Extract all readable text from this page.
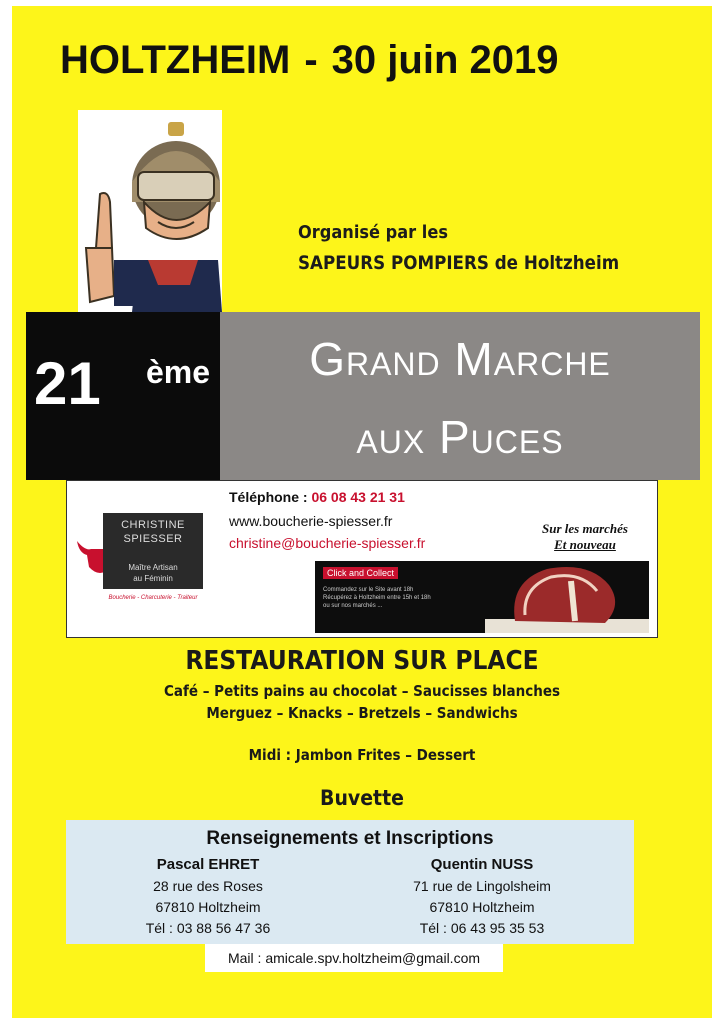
HOLTZHEIM - 30 juin 2019
Organisé par les
SAPEURS POMPIERS de Holtzheim
21 ème	Grand Marche
aux Puces
CHRISTINE
SPIESSER
Maître Artisan
au Féminin
Boucherie - Charcuterie - Traiteur
Téléphone : 06 08 43 21 31
www.boucherie-spiesser.fr
christine@boucherie-spiesser.fr
Sur les marchés
Et nouveau
Click and Collect
Commandez sur le Site avant 18h
Récupérez à Holtzheim entre 15h et 18h
ou sur nos marchés ...
RESTAURATION SUR PLACE
Café – Petits pains au chocolat – Saucisses blanches
Merguez – Knacks – Bretzels – Sandwichs
Midi : Jambon Frites – Dessert
Buvette
Renseignements et Inscriptions
Pascal EHRET
28 rue des Roses
67810 Holtzheim
Tél : 03 88 56 47 36
Quentin NUSS
71 rue de Lingolsheim
67810 Holtzheim
Tél : 06 43 95 35 53
Mail : amicale.spv.holtzheim@gmail.com
